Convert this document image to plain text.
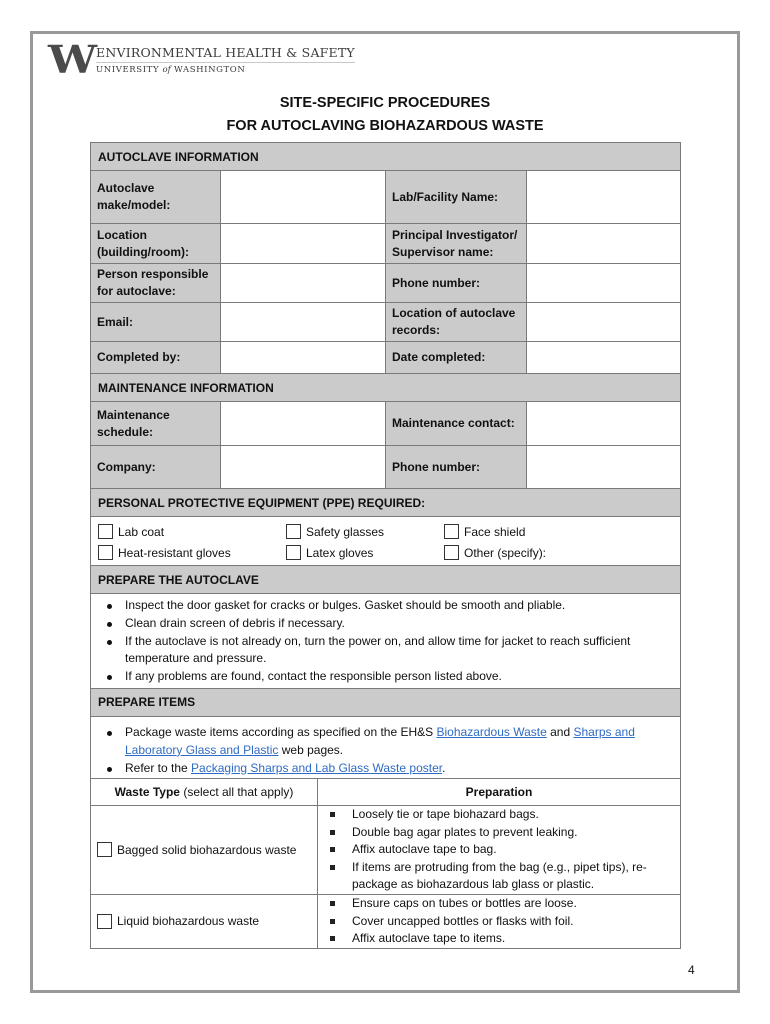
W ENVIRONMENTAL HEALTH & SAFETY
UNIVERSITY of WASHINGTON
SITE-SPECIFIC PROCEDURES
FOR AUTOCLAVING BIOHAZARDOUS WASTE
AUTOCLAVE INFORMATION			
Autoclave make/model:		Lab/Facility Name:	
Location (building/room):		Principal Investigator/ Supervisor name:	
Person responsible for autoclave:		Phone number:	
Email:		Location of autoclave records:	
Completed by:		Date completed:	
MAINTENANCE INFORMATION			
Maintenance schedule:		Maintenance contact:	
Company:		Phone number:	
PERSONAL PROTECTIVE EQUIPMENT (PPE) REQUIRED:			

Lab coat	Safety glasses	Face shield
Heat-resistant gloves	Latex gloves	Other (specify):

PREPARE THE AUTOCLAVE			

Inspect the door gasket for cracks or bulges. Gasket should be smooth and pliable.
Clean drain screen of debris if necessary.
If the autoclave is not already on, turn the power on, and allow time for jacket to reach sufficient temperature and pressure.
If any problems are found, contact the responsible person listed above.

PREPARE ITEMS			

Package waste items according as specified on the EH&S Biohazardous Waste and Sharps and Laboratory Glass and Plastic web pages.
Refer to the Packaging Sharps and Lab Glass Waste poster.
Waste Type (select all that apply)	Preparation

Bagged solid biohazardous waste

Loosely tie or tape biohazard bags.
Double bag agar plates to prevent leaking.
Affix autoclave tape to bag.
If items are protruding from the bag (e.g., pipet tips), re-package as biohazardous lab glass or plastic.

Liquid biohazardous waste

Ensure caps on tubes or bottles are loose.
Cover uncapped bottles or flasks with foil.
Affix autoclave tape to items.
4
